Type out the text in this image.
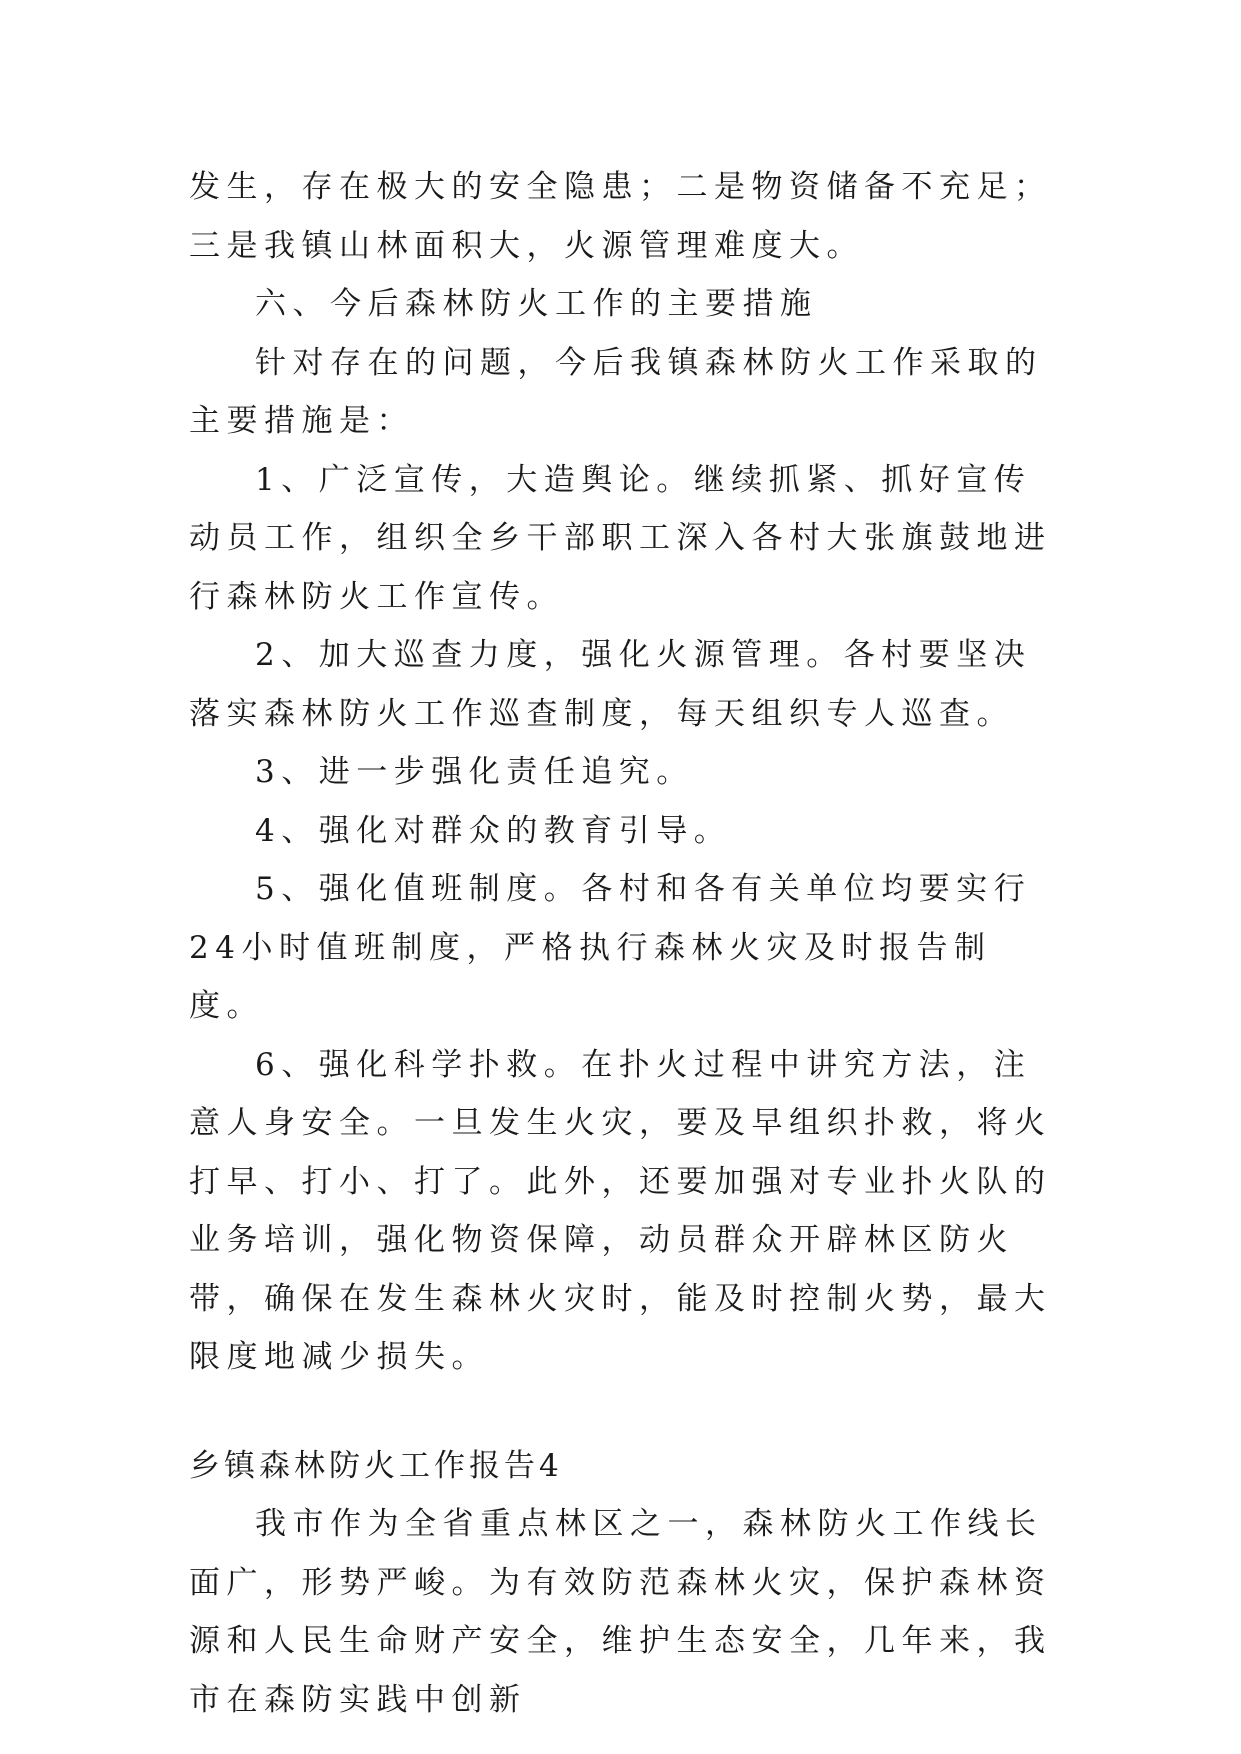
发生，存在极大的安全隐患；二是物资储备不充足；三是我镇山林面积大，火源管理难度大。

六、今后森林防火工作的主要措施

针对存在的问题，今后我镇森林防火工作采取的主要措施是：

1、广泛宣传，大造舆论。继续抓紧、抓好宣传动员工作，组织全乡干部职工深入各村大张旗鼓地进行森林防火工作宣传。

2、加大巡查力度，强化火源管理。各村要坚决落实森林防火工作巡查制度，每天组织专人巡查。

3、进一步强化责任追究。

4、强化对群众的教育引导。

5、强化值班制度。各村和各有关单位均要实行24小时值班制度，严格执行森林火灾及时报告制度。

6、强化科学扑救。在扑火过程中讲究方法，注意人身安全。一旦发生火灾，要及早组织扑救，将火打早、打小、打了。此外，还要加强对专业扑火队的业务培训，强化物资保障，动员群众开辟林区防火带，确保在发生森林火灾时，能及时控制火势，最大限度地减少损失。

乡镇森林防火工作报告4

我市作为全省重点林区之一，森林防火工作线长面广，形势严峻。为有效防范森林火灾，保护森林资源和人民生命财产安全，维护生态安全，几年来，我市在森防实践中创新
